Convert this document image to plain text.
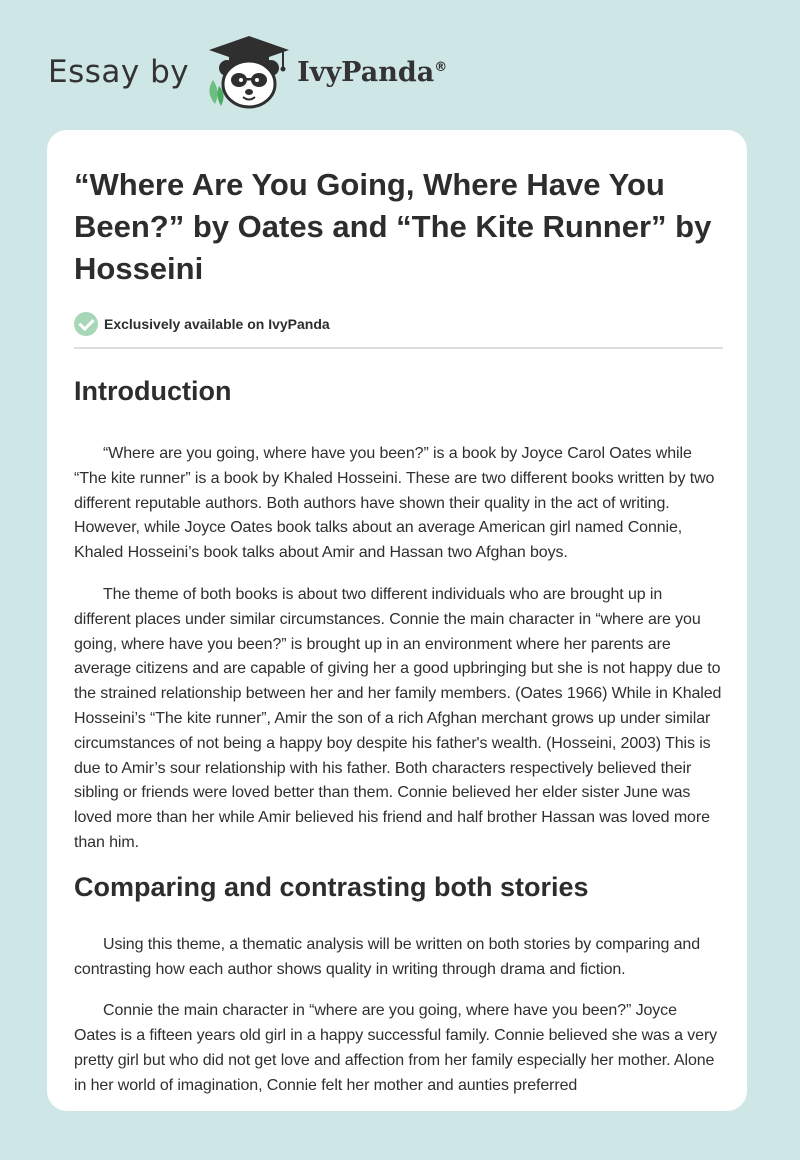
Essay by	IvyPanda®
“Where Are You Going, Where Have You Been?” by Oates and “The Kite Runner” by Hosseini
Exclusively available on IvyPanda
Introduction

“Where are you going, where have you been?” is a book by Joyce Carol Oates while “The kite runner” is a book by Khaled Hosseini. These are two different books written by two different reputable authors. Both authors have shown their quality in the act of writing. However, while Joyce Oates book talks about an average American girl named Connie, Khaled Hosseini’s book talks about Amir and Hassan two Afghan boys.

The theme of both books is about two different individuals who are brought up in different places under similar circumstances. Connie the main character in “where are you going, where have you been?” is brought up in an environment where her parents are average citizens and are capable of giving her a good upbringing but she is not happy due to the strained relationship between her and her family members. (Oates 1966) While in Khaled Hosseini’s “The kite runner”, Amir the son of a rich Afghan merchant grows up under similar circumstances of not being a happy boy despite his father's wealth. (Hosseini, 2003) This is due to Amir’s sour relationship with his father. Both characters respectively believed their sibling or friends were loved better than them. Connie believed her elder sister June was loved more than her while Amir believed his friend and half brother Hassan was loved more than him.

Comparing and contrasting both stories

Using this theme, a thematic analysis will be written on both stories by comparing and contrasting how each author shows quality in writing through drama and fiction.

Connie the main character in “where are you going, where have you been?” Joyce Oates is a fifteen years old girl in a happy successful family. Connie believed she was a very pretty girl but who did not get love and affection from her family especially her mother. Alone in her world of imagination, Connie felt her mother and aunties preferred
